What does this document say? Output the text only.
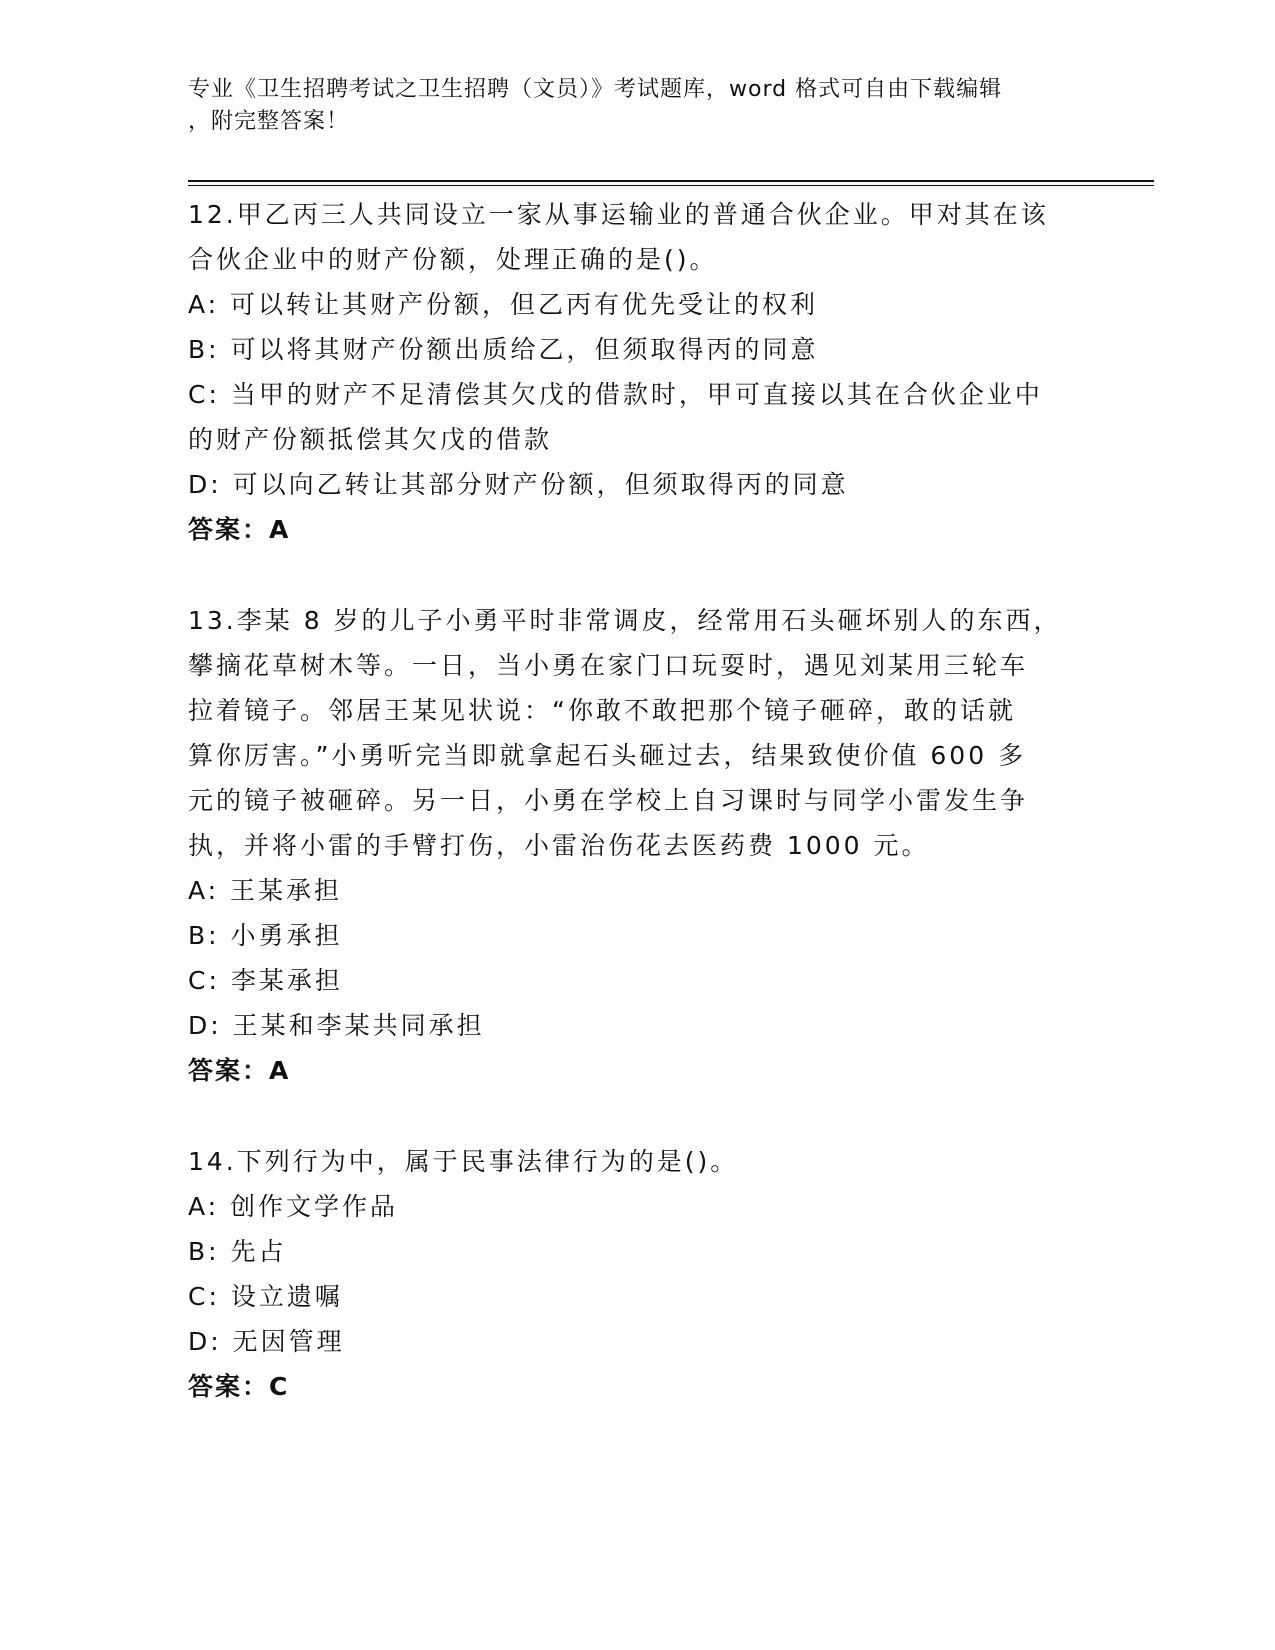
专业《卫生招聘考试之卫生招聘（文员）》考试题库，word 格式可自由下载编辑
，附完整答案！

12.甲乙丙三人共同设立一家从事运输业的普通合伙企业。甲对其在该

合伙企业中的财产份额，处理正确的是()。

A: 可以转让其财产份额，但乙丙有优先受让的权利

B: 可以将其财产份额出质给乙，但须取得丙的同意

C: 当甲的财产不足清偿其欠戊的借款时，甲可直接以其在合伙企业中

的财产份额抵偿其欠戊的借款

D: 可以向乙转让其部分财产份额，但须取得丙的同意

答案：A

13.李某 8 岁的儿子小勇平时非常调皮，经常用石头砸坏别人的东西，

攀摘花草树木等。一日，当小勇在家门口玩耍时，遇见刘某用三轮车

拉着镜子。邻居王某见状说：“你敢不敢把那个镜子砸碎，敢的话就

算你厉害。”小勇听完当即就拿起石头砸过去，结果致使价值 600 多

元的镜子被砸碎。另一日，小勇在学校上自习课时与同学小雷发生争

执，并将小雷的手臂打伤，小雷治伤花去医药费 1000 元。

A: 王某承担

B: 小勇承担

C: 李某承担

D: 王某和李某共同承担

答案：A

14.下列行为中，属于民事法律行为的是()。

A: 创作文学作品

B: 先占

C: 设立遗嘱

D: 无因管理

答案：C
